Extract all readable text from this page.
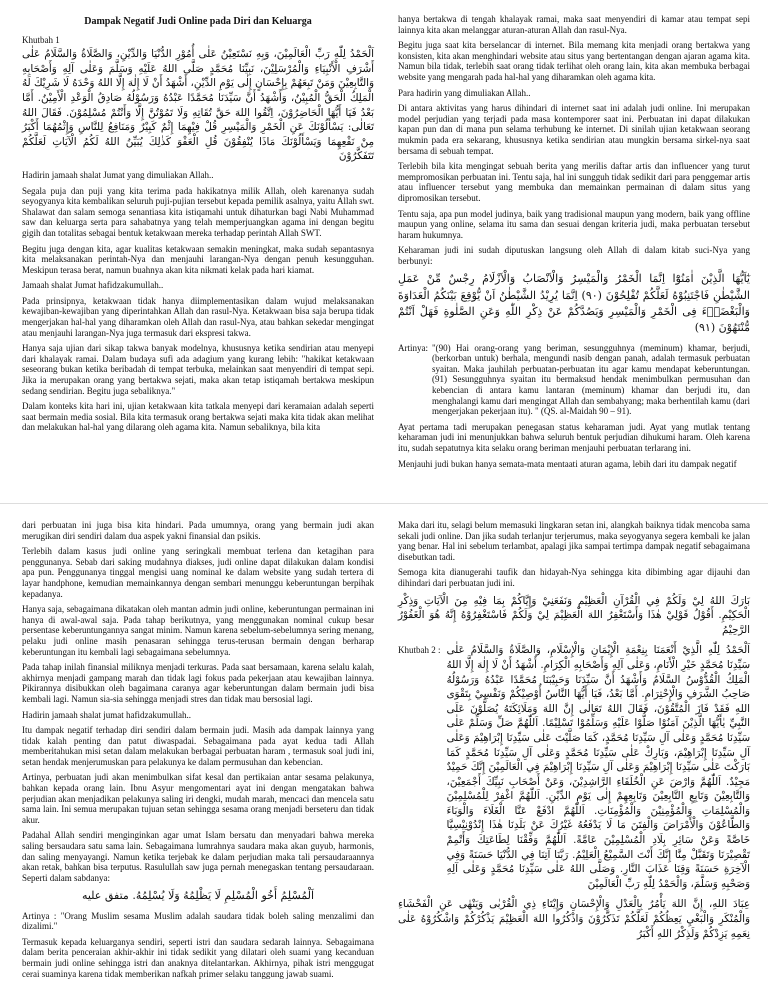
Dampak Negatif Judi Online pada Diri dan Keluarga

Khutbah 1

اَلْحَمْدُ لِلّٰهِ رَبِّ الْعَالَمِيْنَ، وَبِهِ نَسْتَعِيْنُ عَلٰى أُمُوْرِ الدُّنْيَا وَالدِّيْنِ، وَالصَّلَاةُ وَالسَّلَامُ عَلٰى أَشْرَفِ الْأَنْبِيَاءِ وَالْمُرْسَلِيْنَ، نَبِيِّنَا مُحَمَّدٍ صَلَّى اللهُ عَلَيْهِ وَسَلَّمَ وَعَلٰى آلِهِ وَأَصْحَابِهِ وَالتَّابِعِيْنَ وَمَنْ تَبِعَهُمْ بِإِحْسَانٍ إِلٰى يَوْمِ الدِّيْنِ، أَشْهَدُ أَنْ لَا إِلٰهَ إِلَّا اللهُ وَحْدَهُ لَا شَرِيْكَ لَهُ الْمَلِكُ الْحَقُّ الْمُبِيْنُ، وَأَشْهَدُ أَنَّ سَيِّدَنَا مُحَمَّدًا عَبْدُهُ وَرَسُوْلُهُ صَادِقُ الْوَعْدِ الْأَمِيْنُ. أَمَّا بَعْدُ فَيَا أَيُّهَا الْحَاضِرُوْنَ، اِتَّقُوا اللهَ حَقَّ تُقَاتِهِ وَلَا تَمُوْتُنَّ إِلَّا وَأَنْتُمْ مُسْلِمُوْنَ. فَقَالَ اللهُ تَعَالٰى: يَسْأَلُوْنَكَ عَنِ الْخَمْرِ وَالْمَيْسِرِ قُلْ فِيْهِمَا إِثْمٌ كَبِيْرٌ وَمَنَافِعُ لِلنَّاسِ وَإِثْمُهُمَا أَكْبَرُ مِنْ نَفْعِهِمَا وَيَسْأَلُوْنَكَ مَاذَا يُنْفِقُوْنَ قُلِ الْعَفْوَ كَذٰلِكَ يُبَيِّنُ اللهُ لَكُمُ الْآيَاتِ لَعَلَّكُمْ تَتَفَكَّرُوْنَ

Hadirin jamaah shalat Jumat yang dimuliakan Allah..

Segala puja dan puji yang kita terima pada hakikatnya milik Allah, oleh karenanya sudah seyogyanya kita kembalikan seluruh puji-pujian tersebut kepada pemilik asalnya, yaitu Allah swt. Shalawat dan salam semoga senantiasa kita istiqamahi untuk dihaturkan bagi Nabi Muhammad saw dan keluarga serta para sahabatnya yang telah memperjuangkan agama ini dengan begitu gigih dan totalitas sebagai bentuk ketakwaan mereka terhadap perintah Allah SWT.

Begitu juga dengan kita, agar kualitas ketakwaan semakin meningkat, maka sudah sepantasnya kita melaksanakan perintah-Nya dan menjauhi larangan-Nya dengan penuh kesungguhan. Meskipun terasa berat, namun buahnya akan kita nikmati kelak pada hari kiamat.

Jamaah shalat Jumat hafidzakumullah..

Pada prinsipnya, ketakwaan tidak hanya diimplementasikan dalam wujud melaksanakan kewajiban-kewajiban yang diperintahkan Allah dan rasul-Nya. Ketakwaan bisa saja berupa tidak mengerjakan hal-hal yang diharamkan oleh Allah dan rasul-Nya, atau bahkan sekedar mengingat atau menjauhi larangan-Nya juga termasuk dari ekspresi takwa.

Hanya saja ujian dari sikap takwa banyak modelnya, khususnya ketika sendirian atau menyepi dari khalayak ramai. Dalam budaya sufi ada adagium yang kurang lebih: "hakikat ketakwaan seseorang bukan ketika beribadah di tempat terbuka, melainkan saat menyendiri di tempat sepi. Jika ia merupakan orang yang bertakwa sejati, maka akan tetap istiqamah bertakwa meskipun sedang sendirian. Begitu juga sebaliknya."

Dalam konteks kita hari ini, ujian ketakwaan kita tatkala menyepi dari keramaian adalah seperti saat bermain media sosial. Bila kita termasuk orang bertakwa sejati maka kita tidak akan melihat dan melakukan hal-hal yang dilarang oleh agama kita. Namun sebaliknya, bila kita

hanya bertakwa di tengah khalayak ramai, maka saat menyendiri di kamar atau tempat sepi lainnya kita akan melanggar aturan-aturan Allah dan rasul-Nya.

Begitu juga saat kita berselancar di internet. Bila memang kita menjadi orang bertakwa yang konsisten, kita akan menghindari website atau situs yang bertentangan dengan ajaran agama kita. Namun bila tidak, terlebih saat orang tidak terlihat oleh orang lain, kita akan membuka berbagai website yang mengarah pada hal-hal yang diharamkan oleh agama kita.

Para hadirin yang dimuliakan Allah..

Di antara aktivitas yang harus dihindari di internet saat ini adalah judi online. Ini merupakan model perjudian yang terjadi pada masa kontemporer saat ini. Perbuatan ini dapat dilakukan kapan pun dan di mana pun selama terhubung ke internet. Di sinilah ujian ketakwaan seorang mukmin pada era sekarang, khususnya ketika sendirian atau mungkin bersama sirkel-nya saat bersama di sebuah tempat.

Terlebih bila kita mengingat sebuah berita yang merilis daftar artis dan influencer yang turut mempromosikan perbuatan ini. Tentu saja, hal ini sungguh tidak sedikit dari para penggemar artis atau influencer tersebut yang membuka dan memainkan permainan di dalam situs yang dipromosikan tersebut.

Tentu saja, apa pun model judinya, baik yang tradisional maupun yang modern, baik yang offline maupun yang online, selama itu sama dan sesuai dengan kriteria judi, maka perbuatan tersebut haram hukumnya.

Keharaman judi ini sudah diputuskan langsung oleh Allah di dalam kitab suci-Nya yang berbunyi:

يٰٓاَيُّهَا الَّذِيْنَ اٰمَنُوْٓا اِنَّمَا الْخَمْرُ وَالْمَيْسِرُ وَالْاَنْصَابُ وَالْاَزْلَامُ رِجْسٌ مِّنْ عَمَلِ الشَّيْطٰنِ فَاجْتَنِبُوْهُ لَعَلَّكُمْ تُفْلِحُوْنَ (٩٠) اِنَّمَا يُرِيْدُ الشَّيْطٰنُ اَنْ يُّوْقِعَ بَيْنَكُمُ الْعَدَاوَةَ وَالْبَغْضَاۤءَ فِى الْخَمْرِ وَالْمَيْسِرِ وَيَصُدَّكُمْ عَنْ ذِكْرِ اللّٰهِ وَعَنِ الصَّلٰوةِ فَهَلْ اَنْتُمْ مُّنْتَهُوْنَ (٩١)

Artinya: "(90) Hai orang-orang yang beriman, sesungguhnya (meminum) khamar, berjudi, (berkorban untuk) berhala, mengundi nasib dengan panah, adalah termasuk perbuatan syaitan. Maka jauhilah perbuatan-perbuatan itu agar kamu mendapat keberuntungan. (91) Sesungguhnya syaitan itu bermaksud hendak menimbulkan permusuhan dan kebencian di antara kamu lantaran (meminum) khamar dan berjudi itu, dan menghalangi kamu dari mengingat Allah dan sembahyang; maka berhentilah kamu (dari mengerjakan pekerjaan itu). " (QS. al-Maidah 90 – 91).

Ayat pertama tadi merupakan penegasan status keharaman judi. Ayat yang mutlak tentang keharaman judi ini menunjukkan bahwa seluruh bentuk perjudian dihukumi haram. Oleh karena itu, sudah sepatutnya kita selaku orang beriman menjauhi perbuatan terlarang ini.

Menjauhi judi bukan hanya semata-mata mentaati aturan agama, lebih dari itu dampak negatif

dari perbuatan ini juga bisa kita hindari. Pada umumnya, orang yang bermain judi akan merugikan diri sendiri dalam dua aspek yakni finansial dan psikis.

Terlebih dalam kasus judi online yang seringkali membuat terlena dan ketagihan para penggunanya. Sebab dari saking mudahnya diakses, judi online dapat dilakukan dalam kondisi apa pun. Penggunanya tinggal mengisi uang nominal ke dalam website yang sudah tertera di layar handphone, kemudian memainkannya dengan sembari menunggu keberuntungan berpihak kepadanya.

Hanya saja, sebagaimana dikatakan oleh mantan admin judi online, keberuntungan permainan ini hanya di awal-awal saja. Pada tahap berikutnya, yang menggunakan nominal cukup besar persentase keberuntungannya sangat minim. Namun karena sebelum-sebelumnya sering menang, pelaku judi online masih penasaran sehingga terus-terusan bermain dengan berharap keberuntungan itu kembali lagi sebagaimana sebelumnya.

Pada tahap inilah finansial miliknya menjadi terkuras. Pada saat bersamaan, karena selalu kalah, akhirnya menjadi gampang marah dan tidak lagi fokus pada pekerjaan atau kewajiban lainnya. Pikirannya disibukkan oleh bagaimana caranya agar keberuntungan dalam bermain judi bisa kembali lagi. Namun sia-sia sehingga menjadi stres dan tidak mau bersosial lagi.

Hadirin jamaah shalat jumat hafidzakumullah..

Itu dampak negatif terhadap diri sendiri dalam bermain judi. Masih ada dampak lainnya yang tidak kalah penting dan patut diwaspadai. Sebagaimana pada ayat kedua tadi Allah memberitahukan misi setan dalam melakukan berbagai perbuatan haram , termasuk soal judi ini, setan hendak menjerumuskan para pelakunya ke dalam permusuhan dan kebencian.

Artinya, perbuatan judi akan menimbulkan sifat kesal dan pertikaian antar sesama pelakunya, bahkan kepada orang lain. Ibnu Asyur mengomentari ayat ini dengan mengatakan bahwa perjudian akan menjadikan pelakunya saling iri dengki, mudah marah, mencaci dan mencela satu sama lain. Ini semua merupakan tujuan setan sehingga sesama orang menjadi berseteru dan tidak akur.

Padahal Allah sendiri menginginkan agar umat Islam bersatu dan menyadari bahwa mereka saling bersaudara satu sama lain. Sebagaimana lumrahnya saudara maka akan guyub, harmonis, dan saling menyayangi. Namun ketika terjebak ke dalam perjudian maka tali persaudaraannya akan retak, bahkan bisa terputus. Rasulullah saw juga pernah menegaskan tentang persaudaraan. Seperti dalam sabdanya:

اَلْمُسْلِمُ أَخُو الْمُسْلِمِ لَا يَظْلِمُهُ وَلَا يُسْلِمُهُ. متفق عليه

Artinya : "Orang Muslim sesama Muslim adalah saudara tidak boleh saling menzalimi dan dizalimi."

Termasuk kepada keluarganya sendiri, seperti istri dan saudara sedarah lainnya. Sebagaimana dalam berita penceraian akhir-akhir ini tidak sedikit yang dilatari oleh suami yang kecanduan bermain judi online sehingga istri dan anaknya ditelantarkan. Akhirnya, pihak istri menggugat cerai suaminya karena tidak memberikan nafkah primer selaku tanggung jawab suami.

Maka dari itu, selagi belum memasuki lingkaran setan ini, alangkah baiknya tidak mencoba sama sekali judi online. Dan jika sudah terlanjur terjerumus, maka seyogyanya segera kembali ke jalan yang benar. Hal ini sebelum terlambat, apalagi jika sampai tertimpa dampak negatif sebagaimana disebutkan tadi.

Semoga kita dianugerahi taufik dan hidayah-Nya sehingga kita dibimbing agar dijauhi dan dihindari dari perbuatan judi ini.

بَارَكَ اللهُ لِيْ وَلَكُمْ فِي الْقُرْآنِ الْعَظِيْمِ وَنَفَعَنِيْ وَإِيَّاكُمْ بِمَا فِيْهِ مِنَ الْآيَاتِ وَذِكْرِ الْحَكِيْمِ. أَقُوْلُ قَوْلِيْ هٰذَا وَأَسْتَغْفِرُ اللهَ الْعَظِيْمَ لِيْ وَلَكُمْ فَاسْتَغْفِرُوْهُ إِنَّهُ هُوَ الْغَفُوْرُ الرَّحِيْمُ

Khutbah 2 : اَلْحَمْدُ لِلّٰهِ الَّذِيْ أَنْعَمَنَا بِنِعْمَةِ الْإِيْمَانِ وَالْإِسْلَامِ، وَالصَّلَاةُ وَالسَّلَامُ عَلٰى سَيِّدِنَا مُحَمَّدٍ خَيْرِ الْأَنَامِ، وَعَلٰى آلِهِ وَأَصْحَابِهِ الْكِرَامِ. أَشْهَدُ أَنْ لَا إِلٰهَ إِلَّا اللهُ الْمَلِكُ الْقُدُّوْسُ السَّلَامُ وَأَشْهَدُ أَنَّ سَيِّدَنَا وَحَبِيْبَنَا مُحَمَّدًا عَبْدُهُ وَرَسُوْلُهُ صَاحِبُ الشَّرَفِ وَالْإِحْتِرَامِ. أَمَّا بَعْدُ، فَيَا أَيُّهَا النَّاسُ أُوْصِيْكُمْ وَنَفْسِيْ بِتَقْوَى اللهِ فَقَدْ فَازَ الْمُتَّقُوْنَ، فَقَالَ اللهُ تَعَالٰى إِنَّ اللهَ وَمَلَائِكَتَهُ يُصَلُّوْنَ عَلَى النَّبِيِّ يٰأَيُّهَا الَّذِيْنَ آمَنُوْا صَلُّوْا عَلَيْهِ وَسَلِّمُوْا تَسْلِيْمًا. اَللّٰهُمَّ صَلِّ وَسَلِّمْ عَلٰى سَيِّدِنَا مُحَمَّدٍ وَعَلٰى آلِ سَيِّدِنَا مُحَمَّدٍ، كَمَا صَلَّيْتَ عَلٰى سَيِّدِنَا إِبْرَاهِيْمَ وَعَلٰى آلِ سَيِّدِنَا إِبْرَاهِيْمَ، وَبَارِكْ عَلٰى سَيِّدِنَا مُحَمَّدٍ وَعَلٰى آلِ سَيِّدِنَا مُحَمَّدٍ كَمَا بَارَكْتَ عَلٰى سَيِّدِنَا إِبْرَاهِيْمَ وَعَلٰى آلِ سَيِّدِنَا إِبْرَاهِيْمَ فِي الْعَالَمِيْنَ إِنَّكَ حَمِيْدٌ مَجِيْدٌ. اَللّٰهُمَّ وَارْضَ عَنِ الْخُلَفَاءِ الرَّاشِدِيْنَ، وَعَنْ أَصْحَابِ نَبِيِّكَ أَجْمَعِيْنَ، وَالتَّابِعِيْنَ وَتَابِعِ التَّابِعِيْنَ وَتَابِعِهِمْ إِلٰى يَوْمِ الدِّيْنِ. اَللّٰهُمَّ اغْفِرْ لِلْمُسْلِمِيْنَ وَالْمُسْلِمَاتِ وَالْمُؤْمِنِيْنَ وَالْمُؤْمِنَاتِ. اَللّٰهُمَّ ادْفَعْ عَنَّا الْغَلَاءَ وَالْوَبَاءَ وَالطَّاعُوْنَ وَالْأَمْرَاضَ وَالْفِتَنَ مَا لَا يَدْفَعُهُ غَيْرُكَ عَنْ بَلَدِنَا هٰذَا إِنْدُوْنِيْسِيَّا خَاصَّةً وَعَنْ سَائِرِ بِلَادِ الْمُسْلِمِيْنَ عَامَّةً. اَللّٰهُمَّ وَفِّقْنَا لِطَاعَتِكَ وَأَتْمِمْ تَقْصِيْرَنَا وَتَقَبَّلْ مِنَّا إِنَّكَ أَنْتَ السَّمِيْعُ الْعَلِيْمُ. رَبَّنَا آتِنَا فِي الدُّنْيَا حَسَنَةً وَفِي الْآخِرَةِ حَسَنَةً وَقِنَا عَذَابَ النَّارِ. وَصَلَّى اللهُ عَلٰى سَيِّدِنَا مُحَمَّدٍ وَعَلٰى آلِهِ وَصَحْبِهِ وَسَلَّمَ، وَالْحَمْدُ لِلّٰهِ رَبِّ الْعَالَمِيْنَ

عِبَادَ اللهِ، إِنَّ اللهَ يَأْمُرُ بِالْعَدْلِ وَالْإِحْسَانِ وَإِيْتَاءِ ذِي الْقُرْبٰى وَيَنْهٰى عَنِ الْفَحْشَاءِ وَالْمُنْكَرِ وَالْبَغْيِ يَعِظُكُمْ لَعَلَّكُمْ تَذَكَّرُوْنَ وَاذْكُرُوا اللهَ الْعَظِيْمَ يَذْكُرْكُمْ وَاشْكُرُوْهُ عَلٰى نِعَمِهِ يَزِدْكُمْ وَلَذِكْرُ اللهِ أَكْبَرُ
